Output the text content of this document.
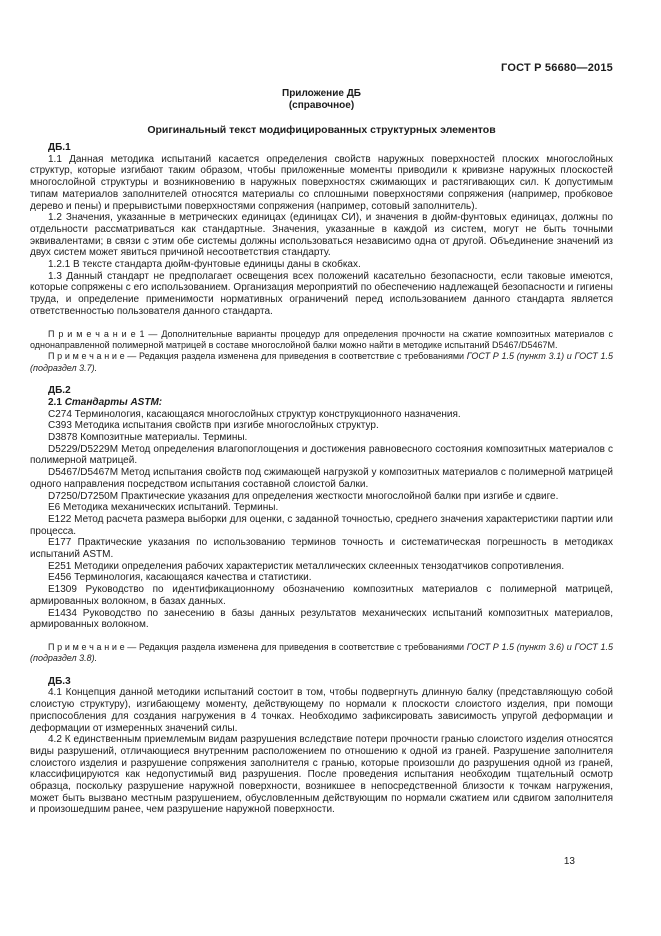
ГОСТ Р 56680—2015

Приложение ДБ

(справочное)

Оригинальный текст модифицированных структурных элементов

ДБ.1

1.1 Данная методика испытаний касается определения свойств наружных поверхностей плоских многослойных структур, которые изгибают таким образом, чтобы приложенные моменты приводили к кривизне наружных плоскостей многослойной структуры и возникновению в наружных поверхностях сжимающих и растягивающих сил. К допустимым типам материалов заполнителей относятся материалы со сплошными поверхностями сопряжения (например, пробковое дерево и пены) и прерывистыми поверхностями сопряжения (например, сотовый заполнитель).

1.2 Значения, указанные в метрических единицах (единицах СИ), и значения в дюйм-фунтовых единицах, должны по отдельности рассматриваться как стандартные. Значения, указанные в каждой из систем, могут не быть точными эквивалентами; в связи с этим обе системы должны использоваться независимо одна от другой. Объединение значений из двух систем может явиться причиной несоответствия стандарту.

1.2.1 В тексте стандарта дюйм-фунтовые единицы даны в скобках.

1.3 Данный стандарт не предполагает освещения всех положений касательно безопасности, если таковые имеются, которые сопряжены с его использованием. Организация мероприятий по обеспечению надлежащей безопасности и гигиены труда, и определение применимости нормативных ограничений перед использованием данного стандарта является ответственностью пользователя данного стандарта.

П р и м е ч а н и е 1 — Дополнительные варианты процедур для определения прочности на сжатие композитных материалов с однонаправленной полимерной матрицей в составе многослойной балки можно найти в методике испытаний D5467/D5467M.

П р и м е ч а н и е — Редакция раздела изменена для приведения в соответствие с требованиями ГОСТ Р 1.5 (пункт 3.1) и ГОСТ 1.5 (подраздел 3.7).

ДБ.2

2.1 Стандарты ASTM:

C274 Терминология, касающаяся многослойных структур конструкционного назначения.

C393 Методика испытания свойств при изгибе многослойных структур.

D3878 Композитные материалы. Термины.

D5229/D5229M Метод определения влагопоглощения и достижения равновесного состояния композитных материалов с полимерной матрицей.

D5467/D5467M Метод испытания свойств под сжимающей нагрузкой у композитных материалов с полимерной матрицей одного направления посредством испытания составной слоистой балки.

D7250/D7250M Практические указания для определения жесткости многослойной балки при изгибе и сдвиге.

Е6 Методика механических испытаний. Термины.

Е122 Метод расчета размера выборки для оценки, с заданной точностью, среднего значения характеристики партии или процесса.

Е177 Практические указания по использованию терминов точность и систематическая погрешность в методиках испытаний ASTM.

Е251 Методики определения рабочих характеристик металлических склеенных тензодатчиков сопротивления.

Е456 Терминология, касающаяся качества и статистики.

Е1309 Руководство по идентификационному обозначению композитных материалов с полимерной матрицей, армированных волокном, в базах данных.

Е1434 Руководство по занесению в базы данных результатов механических испытаний композитных материалов, армированных волокном.

П р и м е ч а н и е — Редакция раздела изменена для приведения в соответствие с требованиями ГОСТ Р 1.5 (пункт 3.6) и ГОСТ 1.5 (подраздел 3.8).

ДБ.3

4.1 Концепция данной методики испытаний состоит в том, чтобы подвергнуть длинную балку (представляющую собой слоистую структуру), изгибающему моменту, действующему по нормали к плоскости слоистого изделия, при помощи приспособления для создания нагружения в 4 точках. Необходимо зафиксировать зависимость упругой деформации и деформации от измеренных значений силы.

4.2 К единственным приемлемым видам разрушения вследствие потери прочности гранью слоистого изделия относятся виды разрушений, отличающиеся внутренним расположением по отношению к одной из граней. Разрушение заполнителя слоистого изделия и разрушение сопряжения заполнителя с гранью, которые произошли до разрушения одной из граней, классифицируются как недопустимый вид разрушения. После проведения испытания необходим тщательный осмотр образца, поскольку разрушение наружной поверхности, возникшее в непосредственной близости к точкам нагружения, может быть вызвано местным разрушением, обусловленным действующим по нормали сжатием или сдвигом заполнителя и произошедшим ранее, чем разрушение наружной поверхности.

13
